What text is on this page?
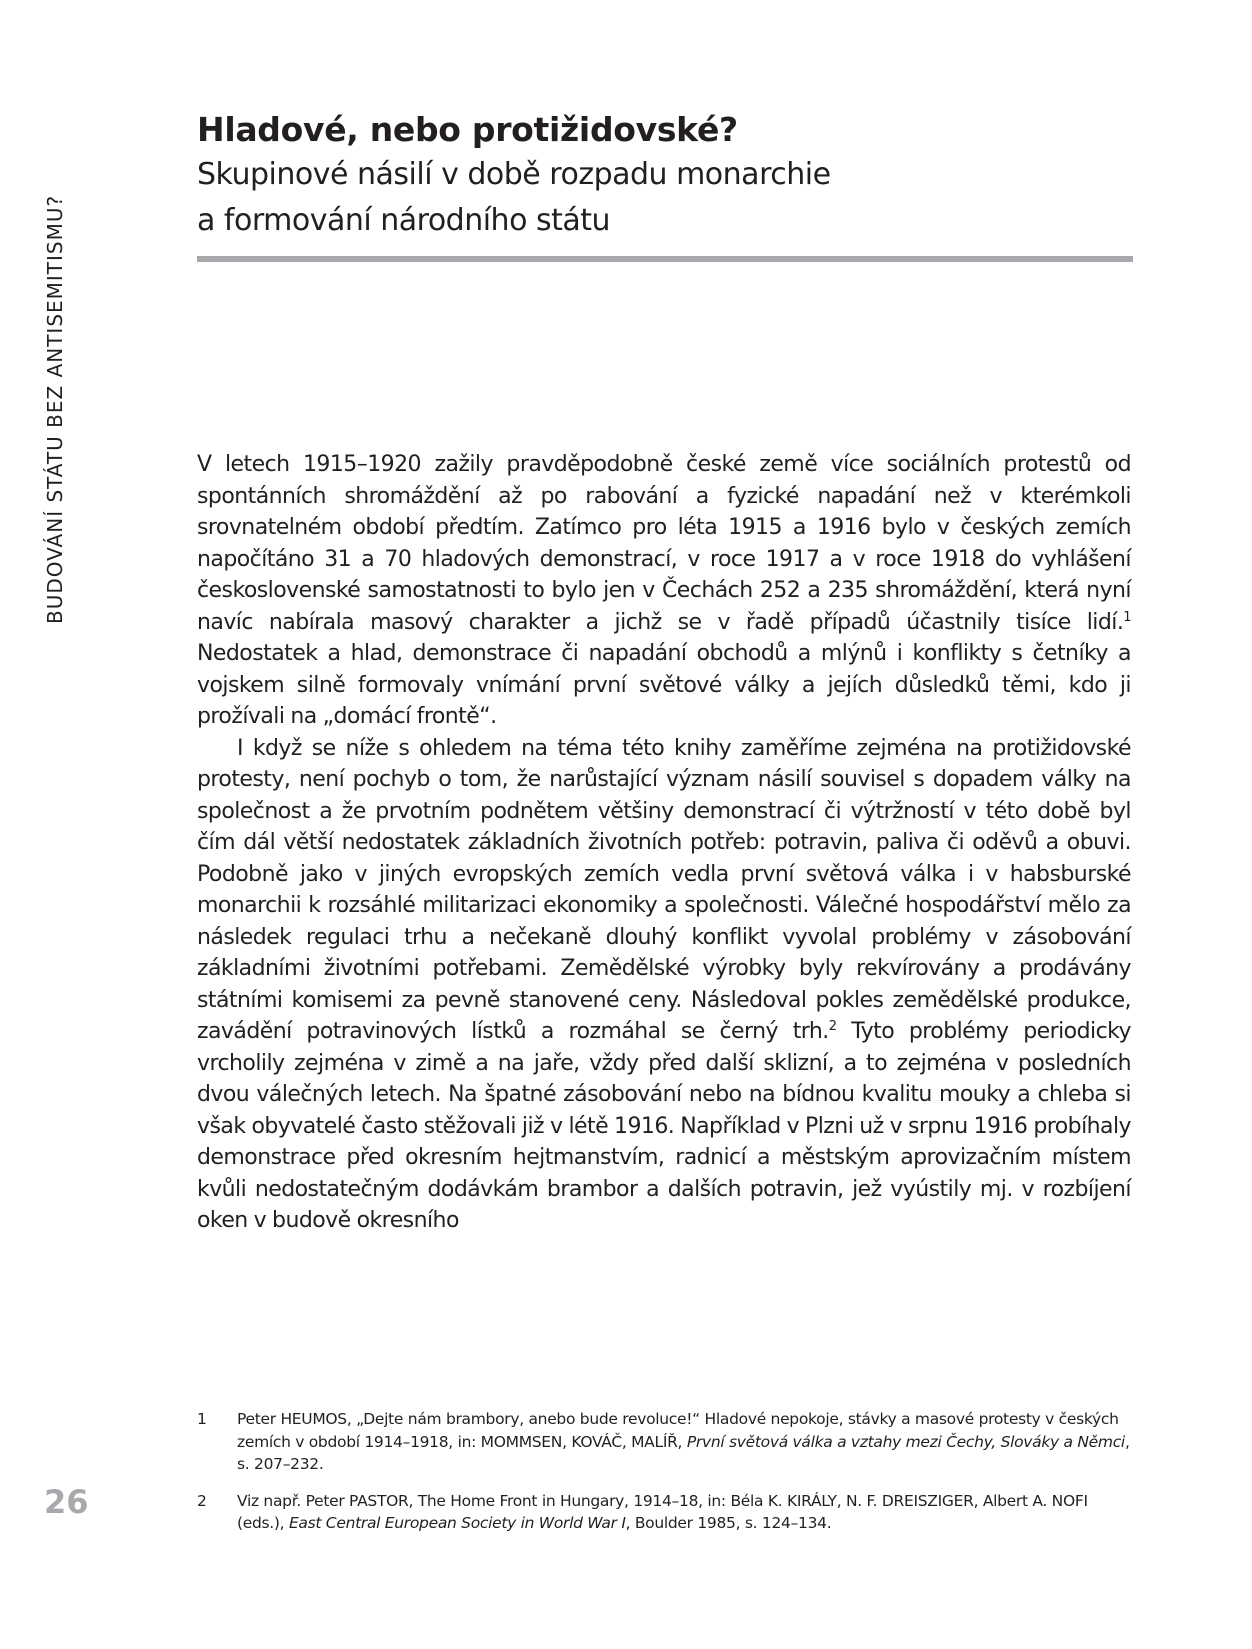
BUDOVÁNÍ STÁTU BEZ ANTISEMITISMU?
Hladové, nebo protižidovské?
Skupinové násilí v době rozpadu monarchie
a formování národního státu

V letech 1915–1920 zažily pravděpodobně české země více sociálních protestů od spontánních shromáždění až po rabování a fyzické napadání než v kterémkoli srovnatelném období předtím. Zatímco pro léta 1915 a 1916 bylo v českých zemích napočítáno 31 a 70 hladových demonstrací, v roce 1917 a v roce 1918 do vyhlášení československé samostatnosti to bylo jen v Čechách 252 a 235 shromáždění, která nyní navíc nabírala masový charakter a jichž se v řadě případů účastnily tisíce lidí.$^1$ Nedostatek a hlad, demonstrace či napadání obchodů a mlýnů i konflikty s četníky a vojskem silně formovaly vnímání první světové války a jejích důsledků těmi, kdo ji prožívali na „domácí frontě“.

I když se níže s ohledem na téma této knihy zaměříme zejména na protižidovské protesty, není pochyb o tom, že narůstající význam násilí souvisel s dopadem války na společnost a že prvotním podnětem většiny demonstrací či výtržností v této době byl čím dál větší nedostatek základních životních potřeb: potravin, paliva či oděvů a obuvi. Podobně jako v jiných evropských zemích vedla první světová válka i v habsburské monarchii k rozsáhlé militarizaci ekonomiky a společnosti. Válečné hospodářství mělo za následek regulaci trhu a nečekaně dlouhý konflikt vyvolal problémy v zásobování základními životními potřebami. Zemědělské výrobky byly rekvírovány a prodávány státními komisemi za pevně stanovené ceny. Následoval pokles zemědělské produkce, zavádění potravinových lístků a rozmáhal se černý trh.$^2$ Tyto problémy periodicky vrcholily zejména v zimě a na jaře, vždy před další sklizní, a to zejména v posledních dvou válečných letech. Na špatné zásobování nebo na bídnou kvalitu mouky a chleba si však obyvatelé často stěžovali již v létě 1916. Například v Plzni už v srpnu 1916 probíhaly demonstrace před okresním hejtmanstvím, radnicí a městským aprovizačním místem kvůli nedostatečným dodávkám brambor a dalších potravin, jež vyústily mj. v rozbíjení oken v budově okresního

1 Peter HEUMOS, „Dejte nám brambory, anebo bude revoluce!“ Hladové nepokoje, stávky a masové protesty v českých zemích v období 1914–1918, in: MOMMSEN, KOVÁČ, MALÍŘ, První světová válka a vztahy mezi Čechy, Slováky a Němci, s. 207–232.
2 Viz např. Peter PASTOR, The Home Front in Hungary, 1914–18, in: Béla K. KIRÁLY, N. F. DREISZIGER, Albert A. NOFI (eds.), East Central European Society in World War I, Boulder 1985, s. 124–134.
26
